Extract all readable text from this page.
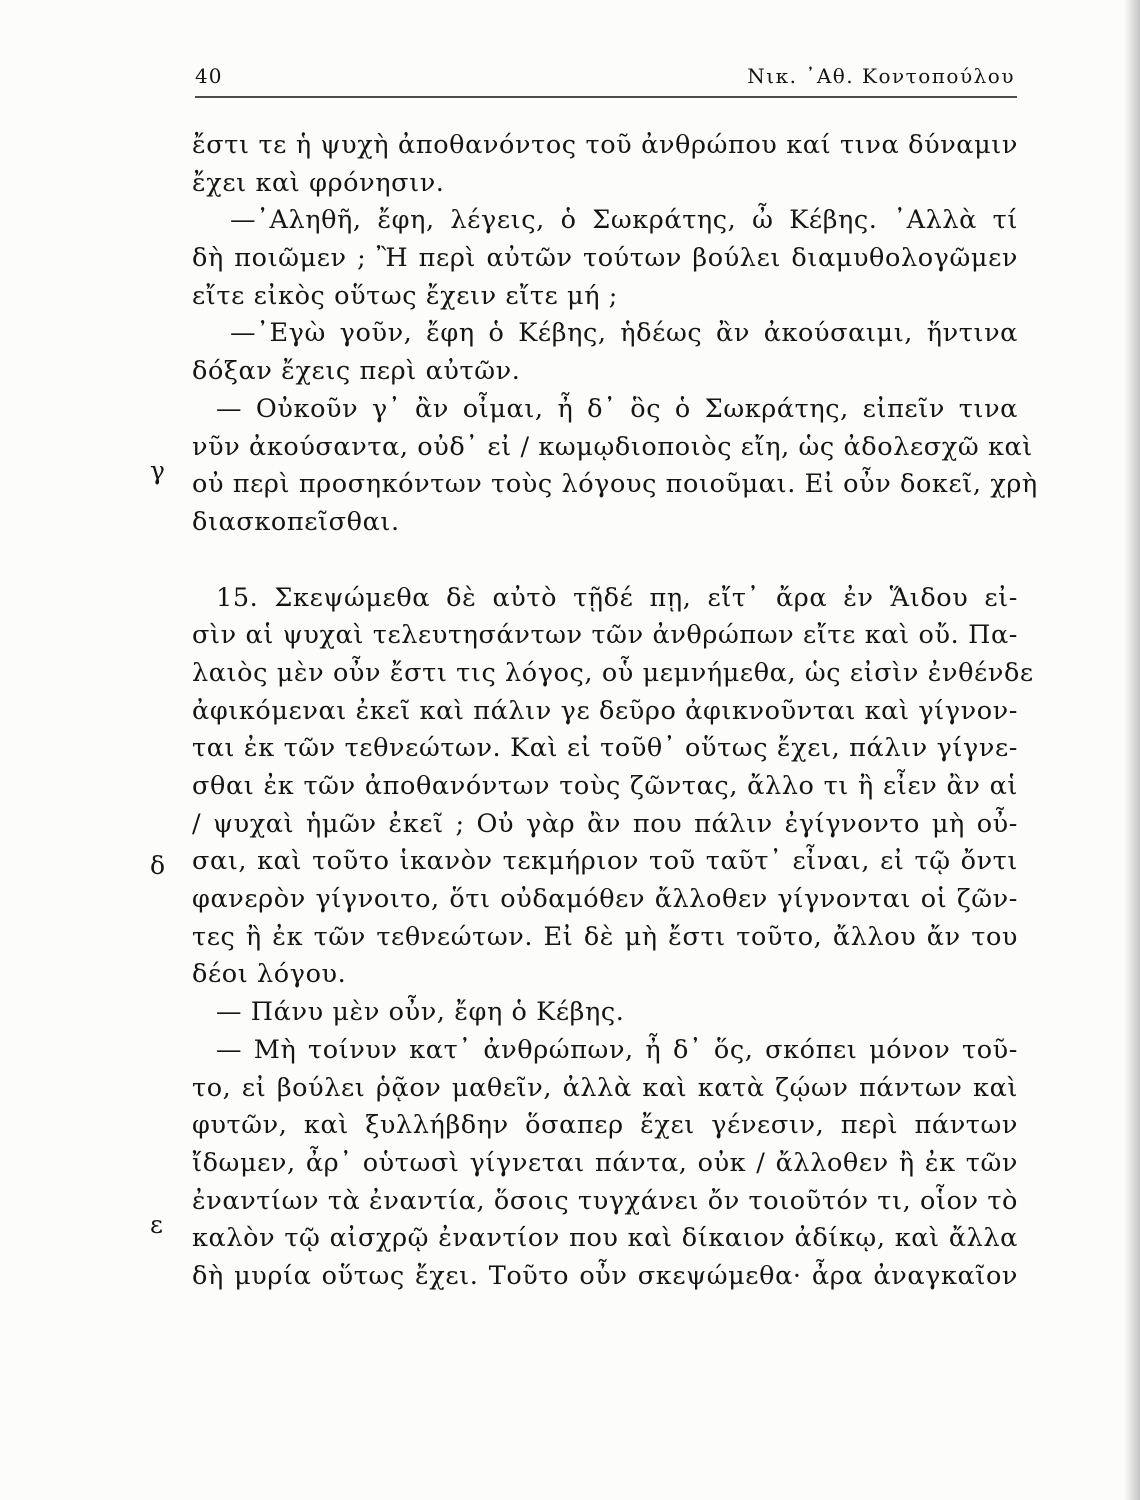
40	Νικ. ᾿Αθ. Κοντοπούλου
γ
δ
ε
ἔστι τε ἡ ψυχὴ ἀποθανόντος τοῦ ἀνθρώπου καί τινα δύναμιν
ἔχει καὶ φρόνησιν.
—᾿Αληθῆ, ἔφη, λέγεις, ὁ Σωκράτης, ὦ Κέβης. ᾿Αλλὰ τί
δὴ ποιῶμεν ; Ἢ περὶ αὐτῶν τούτων βούλει διαμυθολογῶμεν
εἴτε εἰκὸς οὕτως ἔχειν εἴτε μή ;
—᾿Εγὼ γοῦν, ἔφη ὁ Κέβης, ἡδέως ἂν ἀκούσαιμι, ἥντινα
δόξαν ἔχεις περὶ αὐτῶν.
— Οὐκοῦν γ᾿ ἂν οἶμαι, ἦ δ᾿ ὃς ὁ Σωκράτης, εἰπεῖν τινα
νῦν ἀκούσαντα, οὐδ᾿ εἰ / κωμῳδιοποιὸς εἴη, ὡς ἀδολεσχῶ καὶ
οὐ περὶ προσηκόντων τοὺς λόγους ποιοῦμαι. Εἰ οὖν δοκεῖ, χρὴ
διασκοπεῖσθαι.
15. Σκεψώμεθα δὲ αὐτὸ τῇδέ πῃ, εἴτ᾿ ἄρα ἐν Ἅιδου εἰ-
σὶν αἱ ψυχαὶ τελευτησάντων τῶν ἀνθρώπων εἴτε καὶ οὔ. Πα-
λαιὸς μὲν οὖν ἔστι τις λόγος, οὗ μεμνήμεθα, ὡς εἰσὶν ἐνθένδε
ἀφικόμεναι ἐκεῖ καὶ πάλιν γε δεῦρο ἀφικνοῦνται καὶ γίγνον-
ται ἐκ τῶν τεθνεώτων. Καὶ εἰ τοῦθ᾿ οὕτως ἔχει, πάλιν γίγνε-
σθαι ἐκ τῶν ἀποθανόντων τοὺς ζῶντας, ἄλλο τι ἢ εἶεν ἂν αἱ
/ ψυχαὶ ἡμῶν ἐκεῖ ; Οὐ γὰρ ἂν που πάλιν ἐγίγνοντο μὴ οὖ-
σαι, καὶ τοῦτο ἱκανὸν τεκμήριον τοῦ ταῦτ᾿ εἶναι, εἰ τῷ ὄντι
φανερὸν γίγνοιτο, ὅτι οὐδαμόθεν ἄλλοθεν γίγνονται οἱ ζῶν-
τες ἢ ἐκ τῶν τεθνεώτων. Εἰ δὲ μὴ ἔστι τοῦτο, ἄλλου ἄν του
δέοι λόγου.
— Πάνυ μὲν οὖν, ἔφη ὁ Κέβης.
— Μὴ τοίνυν κατ᾿ ἀνθρώπων, ἦ δ᾿ ὅς, σκόπει μόνον τοῦ-
το, εἰ βούλει ῥᾷον μαθεῖν, ἀλλὰ καὶ κατὰ ζῴων πάντων καὶ
φυτῶν, καὶ ξυλλήβδην ὅσαπερ ἔχει γένεσιν, περὶ πάντων
ἴδωμεν, ἆρ᾿ οὑτωσὶ γίγνεται πάντα, οὐκ / ἄλλοθεν ἢ ἐκ τῶν
ἐναντίων τὰ ἐναντία, ὅσοις τυγχάνει ὄν τοιοῦτόν τι, οἷον τὸ
καλὸν τῷ αἰσχρῷ ἐναντίον που καὶ δίκαιον ἀδίκῳ, καὶ ἄλλα
δὴ μυρία οὕτως ἔχει. Τοῦτο οὖν σκεψώμεθα· ἆρα ἀναγκαῖον
